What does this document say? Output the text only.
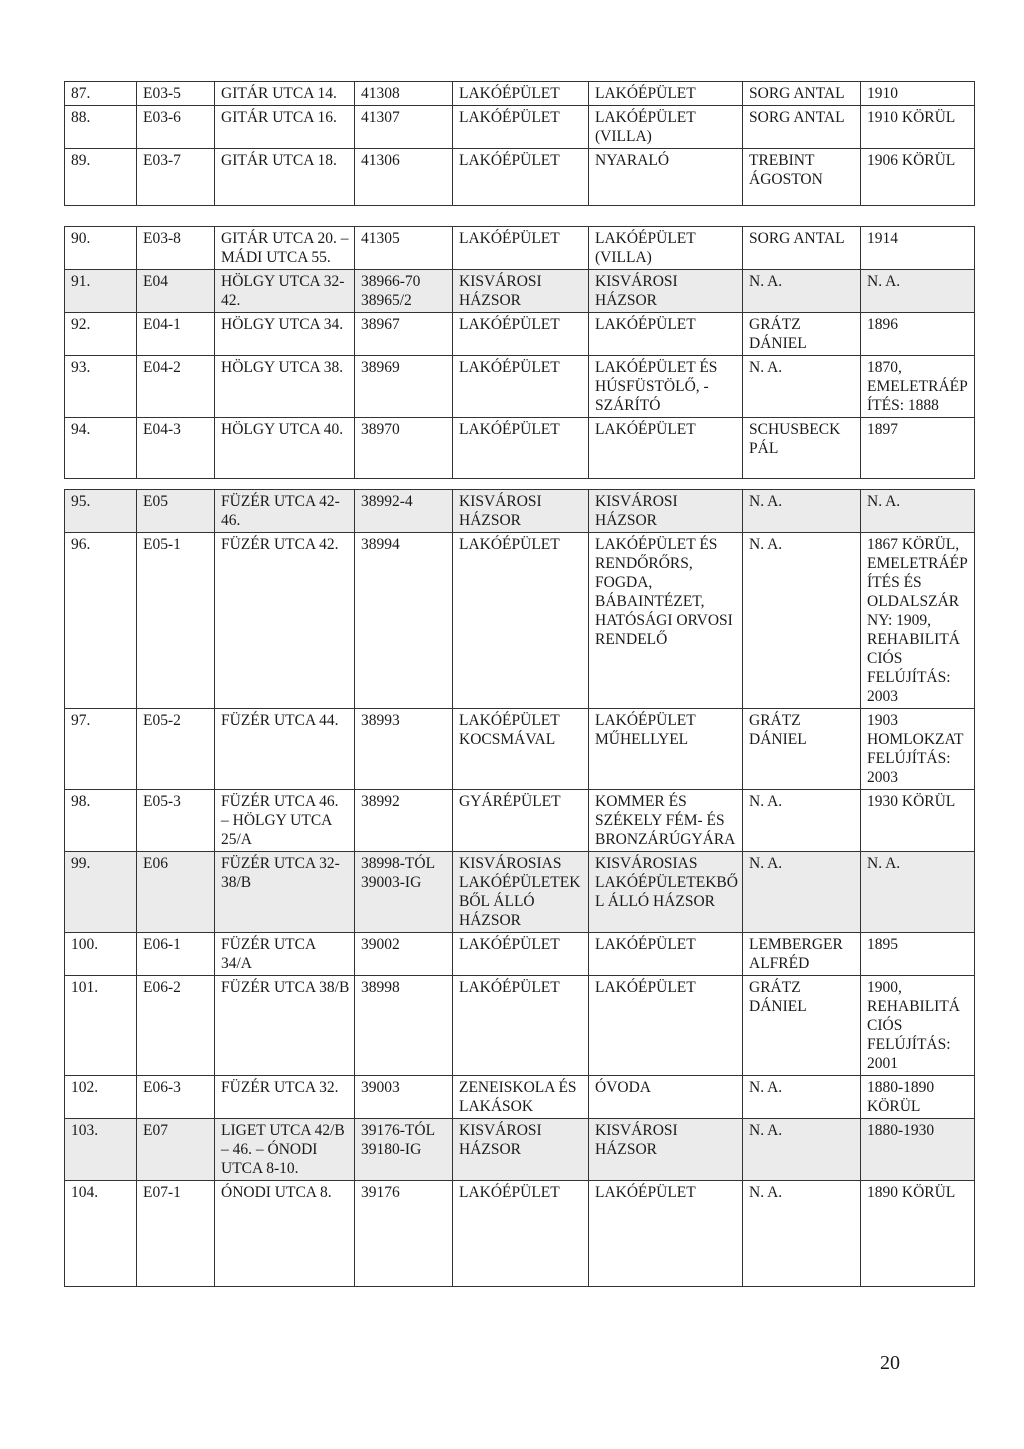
87.	E03-5	GITÁR UTCA 14.	41308	LAKÓÉPÜLET	LAKÓÉPÜLET	SORG ANTAL	1910
88.	E03-6	GITÁR UTCA 16.	41307	LAKÓÉPÜLET	LAKÓÉPÜLET (VILLA)	SORG ANTAL	1910 KÖRÜL
89.	E03-7	GITÁR UTCA 18.	41306	LAKÓÉPÜLET	NYARALÓ	TREBINT ÁGOSTON	1906 KÖRÜL
90.	E03-8	GITÁR UTCA 20. – MÁDI UTCA 55.	41305	LAKÓÉPÜLET	LAKÓÉPÜLET (VILLA)	SORG ANTAL	1914
91.	E04	HÖLGY UTCA 32-42.	38966-70 38965/2	KISVÁROSI HÁZSOR	KISVÁROSI HÁZSOR	N. A.	N. A.
92.	E04-1	HÖLGY UTCA 34.	38967	LAKÓÉPÜLET	LAKÓÉPÜLET	GRÁTZ DÁNIEL	1896
93.	E04-2	HÖLGY UTCA 38.	38969	LAKÓÉPÜLET	LAKÓÉPÜLET ÉS HÚSFÜSTÖLŐ, -SZÁRÍTÓ	N. A.	1870, EMELETRÁÉPÍTÉS: 1888
94.	E04-3	HÖLGY UTCA 40.	38970	LAKÓÉPÜLET	LAKÓÉPÜLET	SCHUSBECK PÁL	1897
95.	E05	FÜZÉR UTCA 42-46.	38992-4	KISVÁROSI HÁZSOR	KISVÁROSI HÁZSOR	N. A.	N. A.
96.	E05-1	FÜZÉR UTCA 42.	38994	LAKÓÉPÜLET	LAKÓÉPÜLET ÉS RENDŐRŐRS, FOGDA, BÁBAINTÉZET, HATÓSÁGI ORVOSI RENDELŐ	N. A.	1867 KÖRÜL, EMELETRÁÉPÍTÉS ÉS OLDALSZÁRNY: 1909, REHABILITÁCIÓS FELÚJÍTÁS: 2003
97.	E05-2	FÜZÉR UTCA 44.	38993	LAKÓÉPÜLET KOCSMÁVAL	LAKÓÉPÜLET MŰHELLYEL	GRÁTZ DÁNIEL	1903 HOMLOKZAT FELÚJÍTÁS: 2003
98.	E05-3	FÜZÉR UTCA 46. – HÖLGY UTCA 25/A	38992	GYÁRÉPÜLET	KOMMER ÉS SZÉKELY FÉM- ÉS BRONZÁRÚGYÁRA	N. A.	1930 KÖRÜL
99.	E06	FÜZÉR UTCA 32-38/B	38998-TÓL 39003-IG	KISVÁROSIAS LAKÓÉPÜLETEKBŐL ÁLLÓ HÁZSOR	KISVÁROSIAS LAKÓÉPÜLETEKBŐL ÁLLÓ HÁZSOR	N. A.	N. A.
100.	E06-1	FÜZÉR UTCA 34/A	39002	LAKÓÉPÜLET	LAKÓÉPÜLET	LEMBERGER ALFRÉD	1895
101.	E06-2	FÜZÉR UTCA 38/B	38998	LAKÓÉPÜLET	LAKÓÉPÜLET	GRÁTZ DÁNIEL	1900, REHABILITÁCIÓS FELÚJÍTÁS: 2001
102.	E06-3	FÜZÉR UTCA 32.	39003	ZENEISKOLA ÉS LAKÁSOK	ÓVODA	N. A.	1880-1890 KÖRÜL
103.	E07	LIGET UTCA 42/B – 46. – ÓNODI UTCA 8-10.	39176-TÓL 39180-IG	KISVÁROSI HÁZSOR	KISVÁROSI HÁZSOR	N. A.	1880-1930
104.	E07-1	ÓNODI UTCA 8.	39176	LAKÓÉPÜLET	LAKÓÉPÜLET	N. A.	1890 KÖRÜL
20
